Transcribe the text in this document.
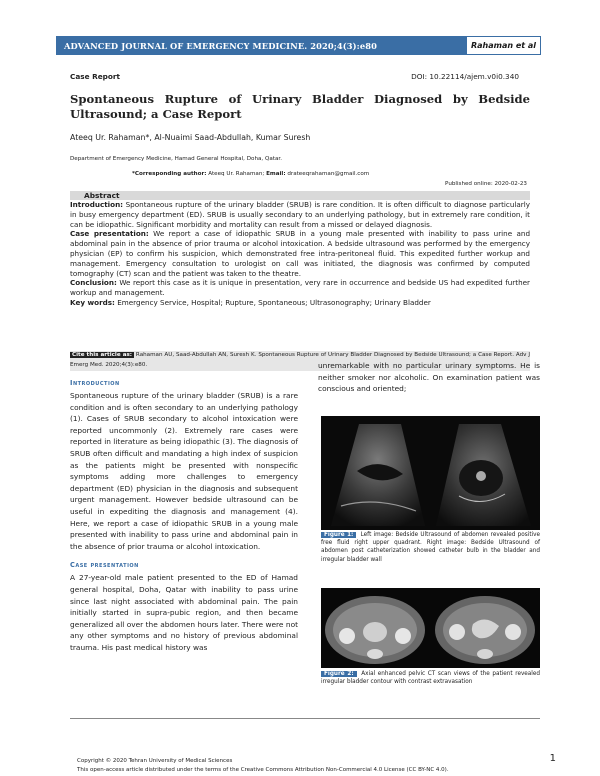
ADVANCED JOURNAL OF EMERGENCY MEDICINE. 2020;4(3):e80	Rahaman et al
Case Report	DOI: 10.22114/ajem.v0i0.340
Spontaneous Rupture of Urinary Bladder Diagnosed by Bedside Ultrasound; a Case Report
Ateeq Ur. Rahaman*, Al-Nuaimi Saad-Abdullah, Kumar Suresh
Department of Emergency Medicine, Hamad General Hospital, Doha, Qatar.
*Corresponding author: Ateeq Ur. Rahaman; Email: drateeqrahaman@gmail.com
Published online: 2020-02-23
Abstract

Introduction: Spontaneous rupture of the urinary bladder (SRUB) is rare condition. It is often difficult to diagnose particularly in busy emergency department (ED). SRUB is usually secondary to an underlying pathology, but in extremely rare condition, it can be idiopathic. Significant morbidity and mortality can result from a missed or delayed diagnosis.

Case presentation: We report a case of idiopathic SRUB in a young male presented with inability to pass urine and abdominal pain in the absence of prior trauma or alcohol intoxication. A bedside ultrasound was performed by the emergency physician (EP) to confirm his suspicion, which demonstrated free intra-peritoneal fluid. This expedited further workup and management. Emergency consultation to urologist on call was initiated, the diagnosis was confirmed by computed tomography (CT) scan and the patient was taken to the theatre.

Conclusion: We report this case as it is unique in presentation, very rare in occurrence and bedside US had expedited further workup and management.

Key words: Emergency Service, Hospital; Rupture, Spontaneous; Ultrasonography; Urinary Bladder

Cite this article as: Rahaman AU, Saad-Abdullah AN, Suresh K. Spontaneous Rupture of Urinary Bladder Diagnosed by Bedside Ultrasound; a Case Report. Adv J Emerg Med. 2020;4(3):e80.
Introduction
Spontaneous rupture of the urinary bladder (SRUB) is a rare condition and is often secondary to an underlying pathology (1). Cases of SRUB secondary to alcohol intoxication were reported uncommonly (2). Extremely rare cases were reported in literature as being idiopathic (3). The diagnosis of SRUB often difficult and mandating a high index of suspicion as the patients might be presented with nonspecific symptoms adding more challenges to emergency department (ED) physician in the diagnosis and subsequent urgent management. However bedside ultrasound can be useful in expediting the diagnosis and management (4). Here, we report a case of idiopathic SRUB in a young male presented with inability to pass urine and abdominal pain in the absence of prior trauma or alcohol intoxication.
Case presentation
A 27-year-old male patient presented to the ED of Hamad general hospital, Doha, Qatar with inability to pass urine since last night associated with abdominal pain. The pain initially started in supra-pubic region, and then became generalized all over the abdomen hours later. There were not any other symptoms and no history of previous abdominal trauma. His past medical history was
unremarkable with no particular urinary symptoms. He is neither smoker nor alcoholic. On examination patient was conscious and oriented;
Figure 1: Left image: Bedside Ultrasound of abdomen revealed positive free fluid right upper quadrant. Right image: Bedside Ultrasound of abdomen post catheterization showed catheter bulb in the bladder and irregular bladder wall
Figure 2: Axial enhanced pelvic CT scan views of the patient revealed irregular bladder contour with contrast extravasation
Copyright © 2020 Tehran University of Medical Sciences
This open-access article distributed under the terms of the Creative Commons Attribution Non-Commercial 4.0 License (CC BY-NC 4.0).
1
